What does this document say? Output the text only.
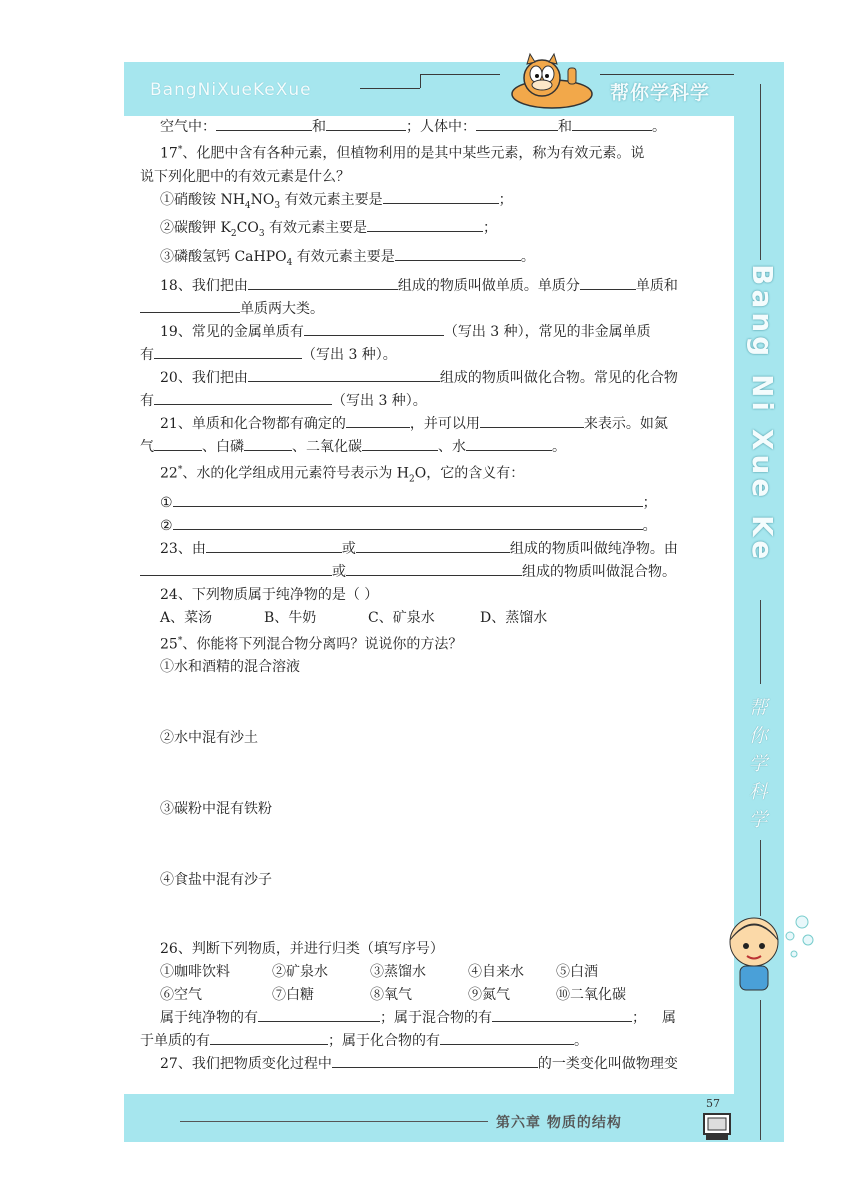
BangNiXueKeXue	帮你学科学
Bang Ni Xue Ke
帮你学科学
第六章 物质的结构
57

空气中：	和	；人体中：	和	。

17*、化肥中含有各种元素，但植物利用的是其中某些元素，称为有效元素。说

说下列化肥中的有效元素是什么？

①硝酸铵 $NH_4NO_3$ 有效元素主要是	；

②碳酸钾 $K_2CO_3$ 有效元素主要是	；

③磷酸氢钙 CaHPO$_4$ 有效元素主要是	。

18、我们把由	组成的物质叫做单质。单质分	单质和

单质两大类。

19、常见的金属单质有	（写出 3 种），常见的非金属单质

有	（写出 3 种）。

20、我们把由	组成的物质叫做化合物。常见的化合物

有	（写出 3 种）。

21、单质和化合物都有确定的	，并可以用	来表示。如氮

气	、白磷	、二氧化碳	、水	。

22*、水的化学组成用元素符号表示为 $H_2O$，它的含义有：

①	；

②	。

23、由	或	组成的物质叫做纯净物。由

或	组成的物质叫做混合物。

24、下列物质属于纯净物的是（ ）

A、菜汤	B、牛奶	C、矿泉水	D、蒸馏水

25*、你能将下列混合物分离吗？说说你的方法？

①水和酒精的混合溶液

②水中混有沙土

③碳粉中混有铁粉

④食盐中混有沙子

26、判断下列物质，并进行归类（填写序号）

①咖啡饮料	②矿泉水	③蒸馏水	④自来水 ⑤白酒

⑥空气	⑦白糖	⑧氧气	⑨氮气	⑩二氧化碳

属于纯净物的有	；属于混合物的有	； 属

于单质的有	；属于化合物的有	。

27、我们把物质变化过程中	的一类变化叫做物理变
